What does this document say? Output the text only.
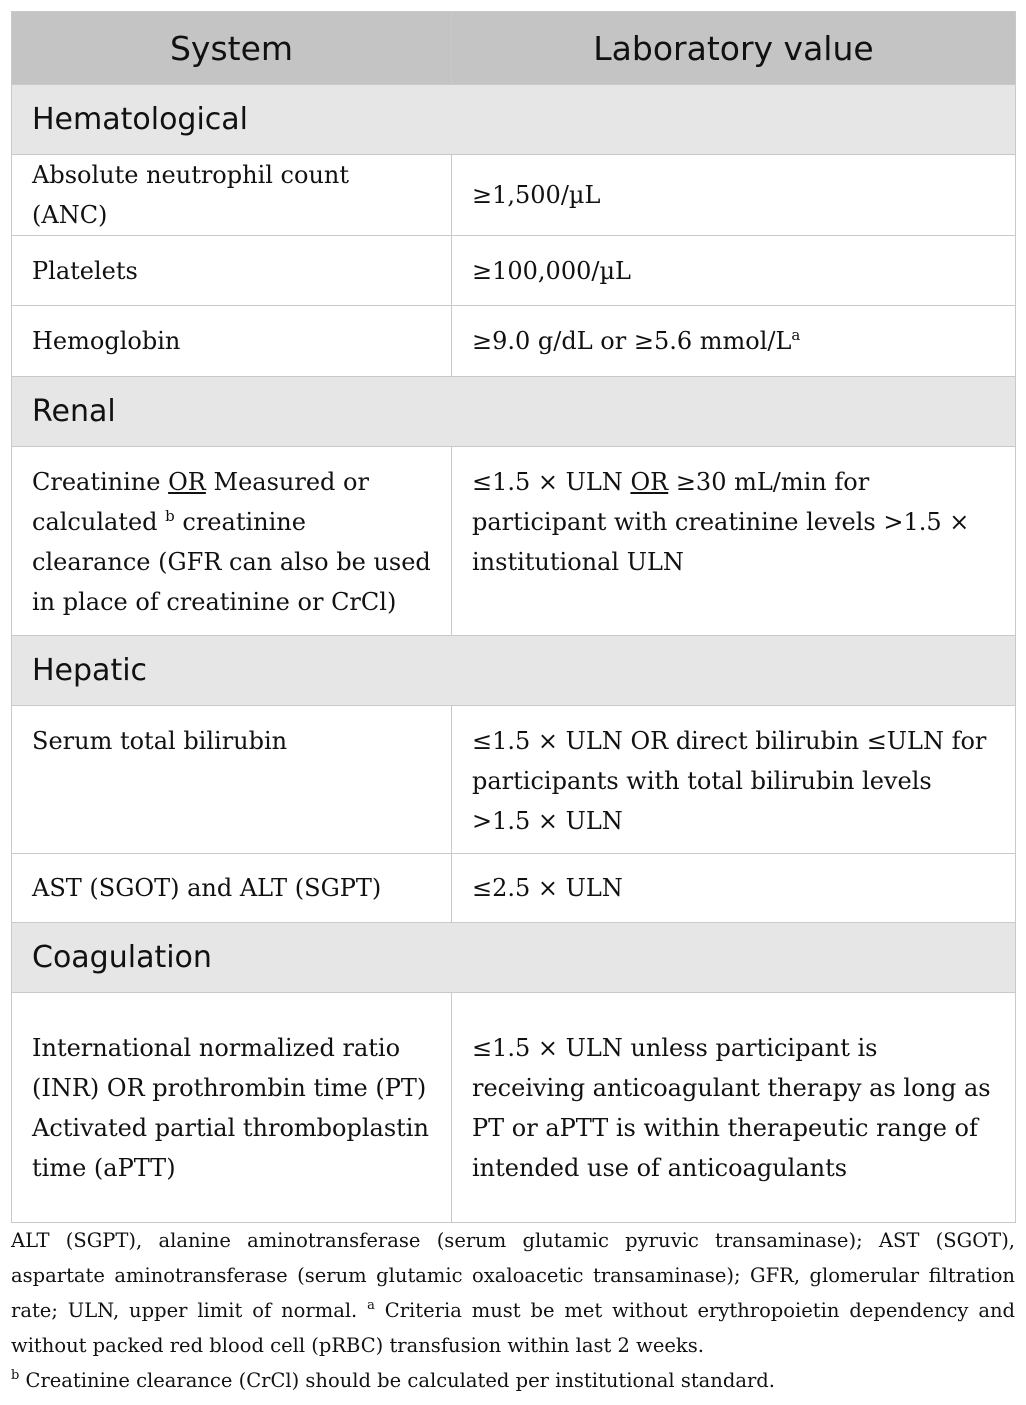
System	Laboratory value
Hematological	
Absolute neutrophil count (ANC)	≥1,500/µL
Platelets	≥100,000/µL
Hemoglobin	≥9.0 g/dL or ≥5.6 mmol/$L^a$
Renal	
Creatinine OR Measured or calculated $^b$ creatinine clearance (GFR can also be used in place of creatinine or CrCl)	≤1.5 × ULN OR ≥30 mL/min for participant with creatinine levels >1.5 × institutional ULN
Hepatic	
Serum total bilirubin	≤1.5 × ULN OR direct bilirubin ≤ULN for participants with total bilirubin levels >1.5 × ULN
AST (SGOT) and ALT (SGPT)	≤2.5 × ULN
Coagulation	

International normalized ratio (INR) OR prothrombin time (PT)
Activated partial thromboplastin time (aPTT)	≤1.5 × ULN unless participant is receiving anticoagulant therapy as long as PT or aPTT is within therapeutic range of intended use of anticoagulants
ALT (SGPT), alanine aminotransferase (serum glutamic pyruvic transaminase); AST (SGOT), aspartate aminotransferase (serum glutamic oxaloacetic transaminase); GFR, glomerular filtration rate; ULN, upper limit of normal. $^a$ Criteria must be met without erythropoietin dependency and without packed red blood cell (pRBC) transfusion within last 2 weeks.
$^b$ Creatinine clearance (CrCl) should be calculated per institutional standard.
